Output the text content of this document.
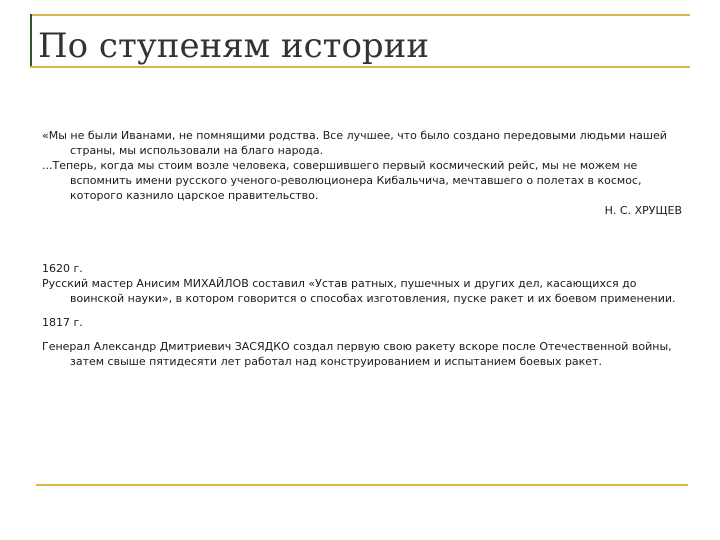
По ступеням истории

«Мы не были Иванами, не помнящими родства. Все лучшее, что было создано передовыми людьми нашей страны, мы использовали на благо народа.

...Теперь, когда мы стоим возле человека, совершившего первый космический рейс, мы не можем не вспомнить имени русского ученого-революционера Кибальчича, мечтавшего о полетах в космос, которого казнило царское правительство.

Н. С. ХРУЩЕВ

1620 г.

Русский мастер Анисим МИХАЙЛОВ составил «Устав ратных, пушечных и других дел, касающихся до воинской науки», в котором говорится о способах изготовления, пуске ракет и их боевом применении.

1817 г.

Генерал Александр Дмитриевич ЗАСЯДКО создал первую свою ракету вскоре после Отечественной войны, затем свыше пятидесяти лет работал над конструированием и испытанием боевых ракет.
